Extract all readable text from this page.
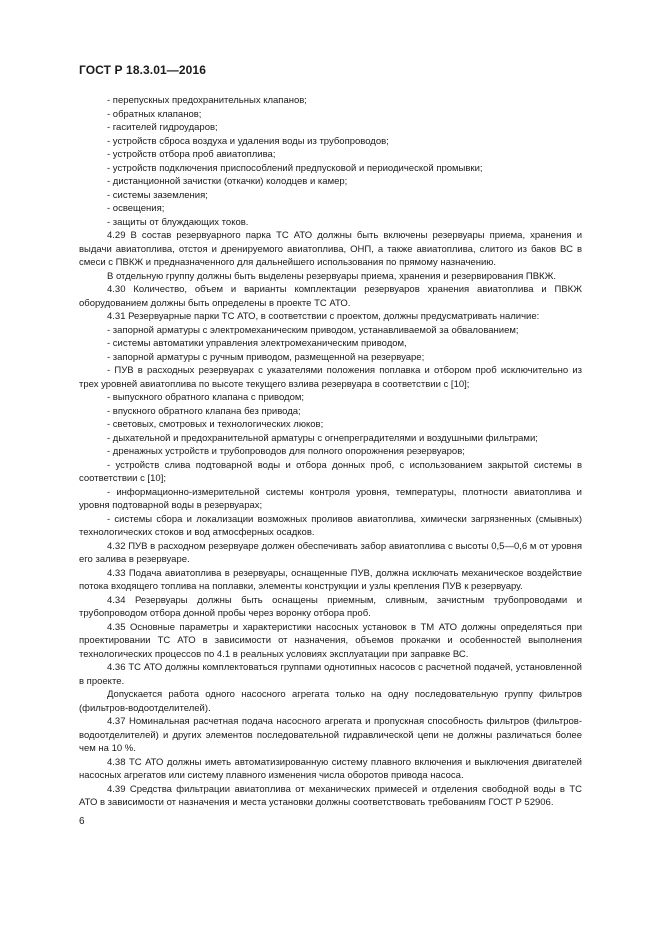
ГОСТ Р 18.3.01—2016

- перепускных предохранительных клапанов;

- обратных клапанов;

- гасителей гидроударов;

- устройств сброса воздуха и удаления воды из трубопроводов;

- устройств отбора проб авиатоплива;

- устройств подключения приспособлений предпусковой и периодической промывки;

- дистанционной зачистки (откачки) колодцев и камер;

- системы заземления;

- освещения;

- защиты от блуждающих токов.

4.29 В состав резервуарного парка ТС АТО должны быть включены резервуары приема, хранения и выдачи авиатоплива, отстоя и дренируемого авиатоплива, ОНП, а также авиатоплива, слитого из баков ВС в смеси с ПВКЖ и предназначенного для дальнейшего использования по прямому назначению.

В отдельную группу должны быть выделены резервуары приема, хранения и резервирования ПВКЖ.

4.30 Количество, объем и варианты комплектации резервуаров хранения авиатоплива и ПВКЖ оборудованием должны быть определены в проекте ТС АТО.

4.31 Резервуарные парки ТС АТО, в соответствии с проектом, должны предусматривать наличие:

- запорной арматуры с электромеханическим приводом, устанавливаемой за обвалованием;

- системы автоматики управления электромеханическим приводом,

- запорной арматуры с ручным приводом, размещенной на резервуаре;

- ПУВ в расходных резервуарах с указателями положения поплавка и отбором проб исключительно из трех уровней авиатоплива по высоте текущего взлива резервуара в соответствии с [10];

- выпускного обратного клапана с приводом;

- впускного обратного клапана без привода;

- световых, смотровых и технологических люков;

- дыхательной и предохранительной арматуры с огнепреградителями и воздушными фильтрами;

- дренажных устройств и трубопроводов для полного опорожнения резервуаров;

- устройств слива подтоварной воды и отбора донных проб, с использованием закрытой системы в соответствии с [10];

- информационно-измерительной системы контроля уровня, температуры, плотности авиатоплива и уровня подтоварной воды в резервуарах;

- системы сбора и локализации возможных проливов авиатоплива, химически загрязненных (смывных) технологических стоков и вод атмосферных осадков.

4.32 ПУВ в расходном резервуаре должен обеспечивать забор авиатоплива с высоты 0,5—0,6 м от уровня его залива в резервуаре.

4.33 Подача авиатоплива в резервуары, оснащенные ПУВ, должна исключать механическое воздействие потока входящего топлива на поплавки, элементы конструкции и узлы крепления ПУВ к резервуару.

4.34 Резервуары должны быть оснащены приемным, сливным, зачистным трубопроводами и трубопроводом отбора донной пробы через воронку отбора проб.

4.35 Основные параметры и характеристики насосных установок в ТМ АТО должны определяться при проектировании ТС АТО в зависимости от назначения, объемов прокачки и особенностей выполнения технологических процессов по 4.1 в реальных условиях эксплуатации при заправке ВС.

4.36 ТС АТО должны комплектоваться группами однотипных насосов с расчетной подачей, установленной в проекте.

Допускается работа одного насосного агрегата только на одну последовательную группу фильтров (фильтров-водоотделителей).

4.37 Номинальная расчетная подача насосного агрегата и пропускная способность фильтров (фильтров-водоотделителей) и других элементов последовательной гидравлической цепи не должны различаться более чем на 10 %.

4.38 ТС АТО должны иметь автоматизированную систему плавного включения и выключения двигателей насосных агрегатов или систему плавного изменения числа оборотов привода насоса.

4.39 Средства фильтрации авиатоплива от механических примесей и отделения свободной воды в ТС АТО в зависимости от назначения и места установки должны соответствовать требованиям ГОСТ Р 52906.

6
